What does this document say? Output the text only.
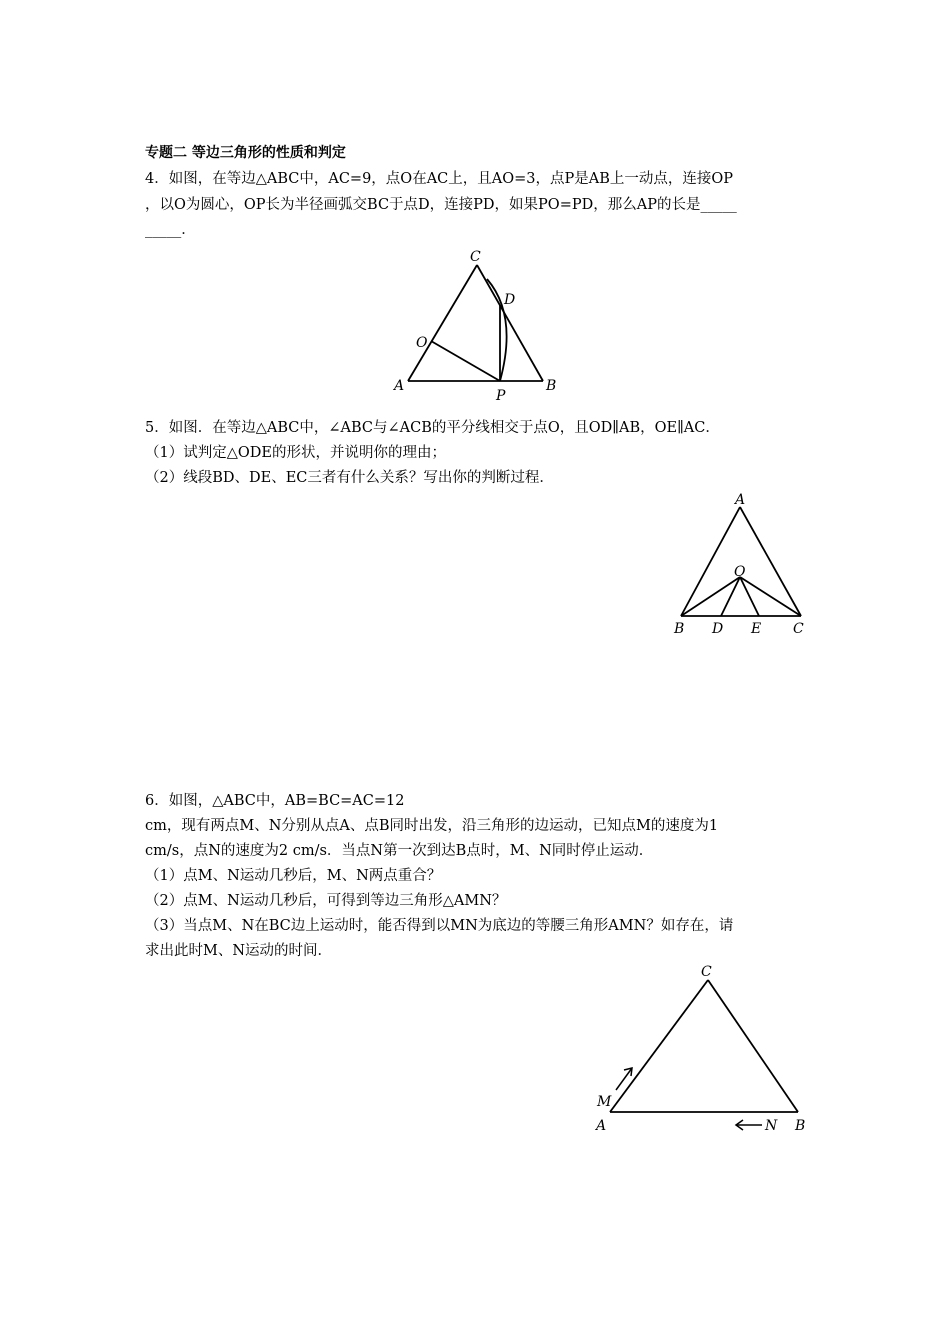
专题二 等边三角形的性质和判定
4．如图，在等边△ABC中，AC=9，点O在AC上，且AO=3，点P是AB上一动点，连接OP
，以O为圆心，OP长为半径画弧交BC于点D，连接PD，如果PO=PD，那么AP的长是_____
_____．
C
D
O
A
P
B
5．如图．在等边△ABC中，∠ABC与∠ACB的平分线相交于点O，且OD∥AB，OE∥AC．
（1）试判定△ODE的形状，并说明你的理由；
（2）线段BD、DE、EC三者有什么关系？写出你的判断过程．
A
O
B D E C
6．如图，△ABC中，AB=BC=AC=12
cm，现有两点M、N分别从点A、点B同时出发，沿三角形的边运动，已知点M的速度为1
cm/s，点N的速度为2 cm/s．当点N第一次到达B点时，M、N同时停止运动．
（1）点M、N运动几秒后，M、N两点重合？
（2）点M、N运动几秒后，可得到等边三角形△AMN？
（3）当点M、N在BC边上运动时，能否得到以MN为底边的等腰三角形AMN？如存在，请
求出此时M、N运动的时间．
C
M
A	N B
